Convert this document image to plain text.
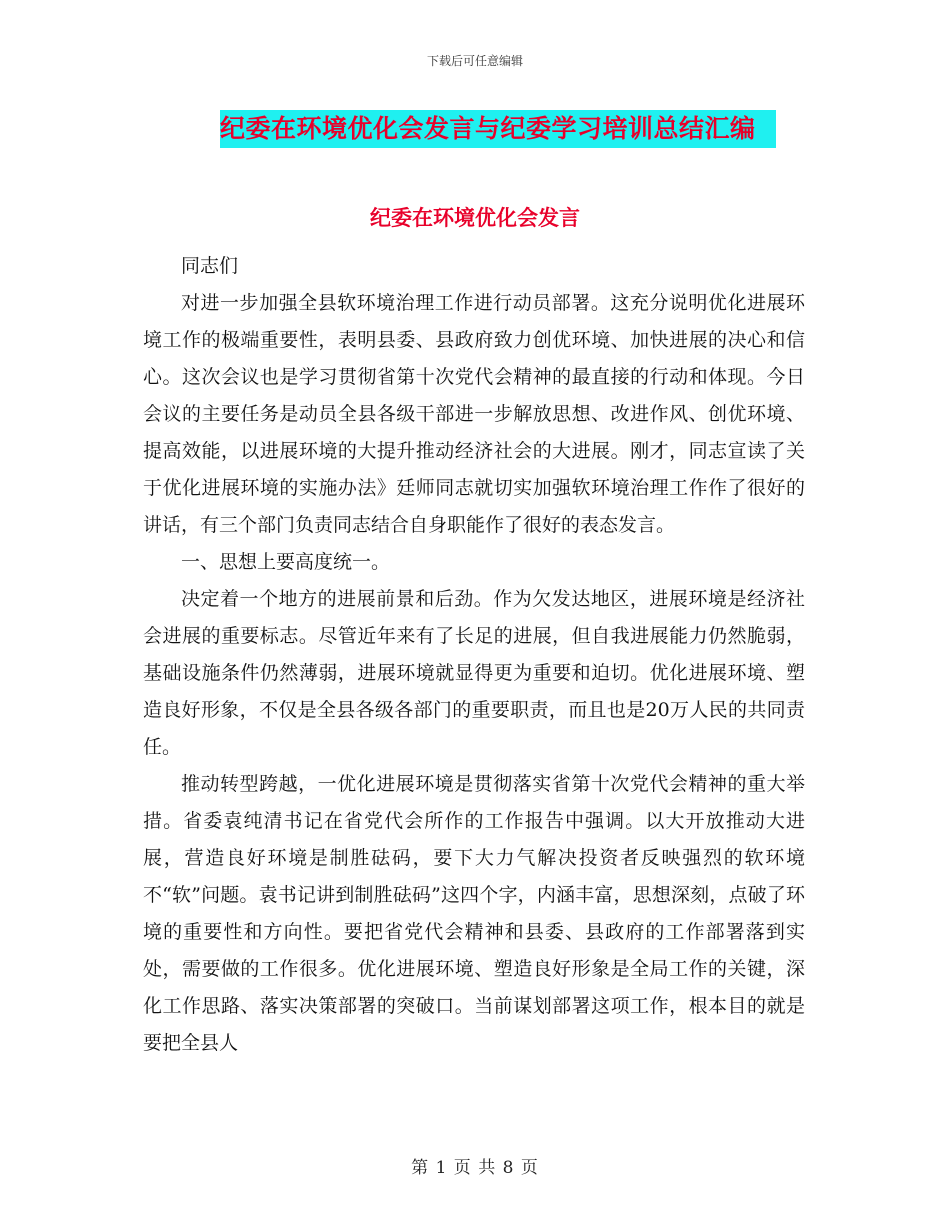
下载后可任意编辑
纪委在环境优化会发言与纪委学习培训总结汇编
纪委在环境优化会发言

同志们

对进一步加强全县软环境治理工作进行动员部署。这充分说明优化进展环境工作的极端重要性，表明县委、县政府致力创优环境、加快进展的决心和信心。这次会议也是学习贯彻省第十次党代会精神的最直接的行动和体现。今日会议的主要任务是动员全县各级干部进一步解放思想、改进作风、创优环境、提高效能，以进展环境的大提升推动经济社会的大进展。刚才，同志宣读了关于优化进展环境的实施办法》廷师同志就切实加强软环境治理工作作了很好的讲话，有三个部门负责同志结合自身职能作了很好的表态发言。

一、思想上要高度统一。

决定着一个地方的进展前景和后劲。作为欠发达地区，进展环境是经济社会进展的重要标志。尽管近年来有了长足的进展，但自我进展能力仍然脆弱，基础设施条件仍然薄弱，进展环境就显得更为重要和迫切。优化进展环境、塑造良好形象，不仅是全县各级各部门的重要职责，而且也是20万人民的共同责任。

推动转型跨越，一优化进展环境是贯彻落实省第十次党代会精神的重大举措。省委袁纯清书记在省党代会所作的工作报告中强调。以大开放推动大进展，营造良好环境是制胜砝码，要下大力气解决投资者反映强烈的软环境不“软”问题。袁书记讲到制胜砝码”这四个字，内涵丰富，思想深刻，点破了环境的重要性和方向性。要把省党代会精神和县委、县政府的工作部署落到实处，需要做的工作很多。优化进展环境、塑造良好形象是全局工作的关键，深化工作思路、落实决策部署的突破口。当前谋划部署这项工作，根本目的就是要把全县人

第 1 页 共 8 页
